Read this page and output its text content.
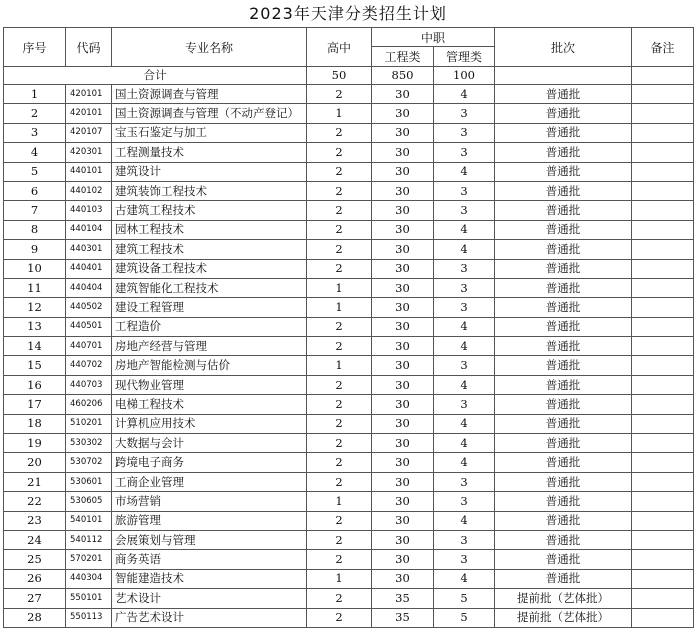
2023年天津分类招生计划
序号	代码	专业名称	高中	中职		批次	备注
				工程类	管理类		
合计			50	850	100		
1	420101	国土资源调查与管理	2	30	4	普通批	
2	420101	国土资源调查与管理（不动产登记）	1	30	3	普通批	
3	420107	宝玉石鉴定与加工	2	30	3	普通批	
4	420301	工程测量技术	2	30	3	普通批	
5	440101	建筑设计	2	30	4	普通批	
6	440102	建筑装饰工程技术	2	30	3	普通批	
7	440103	古建筑工程技术	2	30	3	普通批	
8	440104	园林工程技术	2	30	4	普通批	
9	440301	建筑工程技术	2	30	4	普通批	
10	440401	建筑设备工程技术	2	30	3	普通批	
11	440404	建筑智能化工程技术	1	30	3	普通批	
12	440502	建设工程管理	1	30	3	普通批	
13	440501	工程造价	2	30	4	普通批	
14	440701	房地产经营与管理	2	30	4	普通批	
15	440702	房地产智能检测与估价	1	30	3	普通批	
16	440703	现代物业管理	2	30	4	普通批	
17	460206	电梯工程技术	2	30	3	普通批	
18	510201	计算机应用技术	2	30	4	普通批	
19	530302	大数据与会计	2	30	4	普通批	
20	530702	跨境电子商务	2	30	4	普通批	
21	530601	工商企业管理	2	30	3	普通批	
22	530605	市场营销	1	30	3	普通批	
23	540101	旅游管理	2	30	4	普通批	
24	540112	会展策划与管理	2	30	3	普通批	
25	570201	商务英语	2	30	3	普通批	
26	440304	智能建造技术	1	30	4	普通批	
27	550101	艺术设计	2	35	5	提前批（艺体批）	
28	550113	广告艺术设计	2	35	5	提前批（艺体批）	
